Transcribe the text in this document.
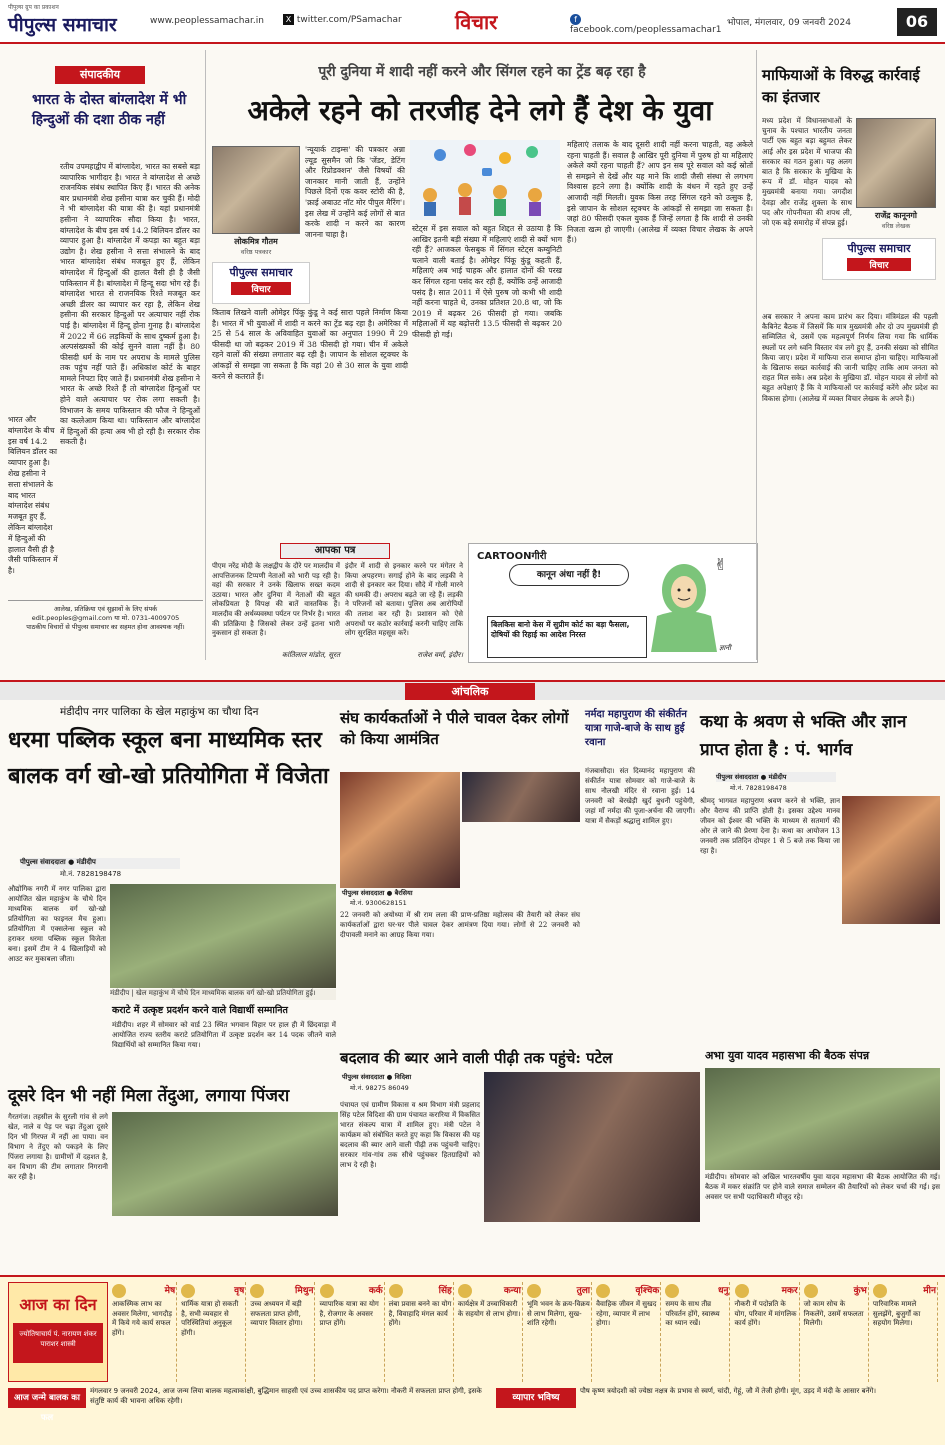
पीपुल्स ग्रुप का प्रकाशन
पीपुल्स समाचार	www.peoplessamachar.in	X twitter.com/PSamachar	विचार	f facebook.com/peoplessamachar1
भोपाल, मंगलवार, 09 जनवरी 2024	06
संपादकीय
भारत के दोस्त बांग्लादेश में भी हिन्दुओं की दशा ठीक नहीं
रतीय उपमहाद्वीप में बांग्लादेश, भारत का सबसे बड़ा व्यापारिक भागीदार है। भारत ने बांग्लादेश से अच्छे राजनयिक संबंध स्थापित किए हैं। भारत की अनेक बार प्रधानमंत्री शेख हसीना यात्रा कर चुकी हैं। मोदी ने भी बांग्लादेश की यात्रा की है। यहां प्रधानमंत्री हसीना ने व्यापारिक सौदा किया है। भारत, बांग्लादेश के बीच इस वर्ष 14.2 बिलियन डॉलर का व्यापार हुआ है। बांग्लादेश में कपड़ा का बहुत बड़ा उद्योग है। शेख हसीना ने सत्ता संभालने के बाद भारत बांग्लादेश संबंध मजबूत हुए हैं, लेकिन बांग्लादेश में हिन्दुओं की हालत वैसी ही है जैसी पाकिस्तान में है। बांग्लादेश में हिन्दू सदा भोग रहे हैं। बांग्लादेश भारत से राजनयिक रिश्ते मजबूत कर अच्छी डीलर का व्यापार कर रहा है, लेकिन शेख हसीना की सरकार हिन्दुओं पर अत्याचार नहीं रोक पाई है। बांग्लादेश में हिन्दू होना गुनाह है। बांग्लादेश में 2022 में 66 लड़कियों के साथ दुष्कर्म हुआ है। अल्पसंख्यकों की कोई सुनने वाला नहीं है। 80 फीसदी धर्म के नाम पर अपराध के मामले पुलिस तक पहुंच नहीं पाते हैं। अधिकांश कोर्ट के बाहर मामले निपटा दिए जाते हैं। प्रधानमंत्री शेख हसीना ने भारत के अच्छे रिश्ते हैं तो बांग्लादेश हिन्दुओं पर होने वाले अत्याचार पर रोक लगा सकती है। विभाजन के समय पाकिस्तान की फौज ने हिन्दुओं का कत्लेआम किया था। पाकिस्तान और बांग्लादेश में हिन्दुओं की हत्या अब भी हो रही है। सरकार रोक सकती है।
भारत और बांग्लादेश के बीच इस वर्ष 14.2 बिलियन डॉलर का व्यापार हुआ है। शेख हसीना ने सत्ता संभालने के बाद भारत बांग्लादेश संबंध मजबूत हुए हैं, लेकिन बांग्लादेश में हिन्दुओं की हालात वैसी ही है जैसी पाकिस्तान में है।
आलेख, प्रतिक्रिया एवं सुझावों के लिए संपर्क
edit.peoples@gmail.com या मो. 0731-4009705
पाठकीय विचारों से पीपुल्स समाचार का सहमत होना आवश्यक नहीं।
पूरी दुनिया में शादी नहीं करने और सिंगल रहने का ट्रेंड बढ़ रहा है
अकेले रहने को तरजीह देने लगे हैं देश के युवा
लोकमित्र गौतम
वरिष्ठ पत्रकार
पीपुल्स समाचार
विचार
'न्यूयार्क टाइम्स' की पत्रकार अन्ना ल्यूड सुसमैन जो कि 'जेंडर, डेटिंग और रिप्रोडक्शन' जैसे विषयों की जानकार मानी जाती हैं, उन्होंने पिछले दिनों एक कवर स्टोरी की है, 'क्राई अबाउट नॉट मोर पीपुल मैरिंग'। इस लेख में उन्होंने कई लोगों से बात करके शादी न करने का कारण जानना चाहा है।
किताब लिखने वाली ओमेइर पिंकू कुंडू ने कई सारा पहले निर्माण किया है। भारत में भी युवाओं में शादी न करने का ट्रेंड बढ़ रहा है। अमेरिका में 25 से 54 साल के अविवाहित युवाओं का अनुपात 1990 में 29 फीसदी था जो बढ़कर 2019 में 38 फीसदी हो गया। चीन में अकेले रहने वालों की संख्या लगातार बढ़ रही है। जापान के सोशल स्ट्रक्चर के आंकड़ों से समझा जा सकता है कि वहां 20 से 30 साल के युवा शादी करने से कतराते हैं।
स्टेट्स में इस सवाल को बहुत शिद्दत से उठाया है कि आखिर इतनी बड़ी संख्या में महिलाएं शादी से क्यों भाग रही हैं? आजकल फेसबुक में सिंगल स्टेट्स कम्युनिटी चलाने वाली बताई है। ओमेइर पिंकू कुंडू कहती हैं, महिलाएं अब भाई चाहक और हालात दोनों की परख कर सिंगल रहना पसंद कर रही हैं, क्योंकि उन्हें आजादी पसंद है। सात 2011 में ऐसे पुरुष जो कभी भी शादी नहीं करना चाहते थे, उनका प्रतिशत 20.8 था, जो कि 2019 में बढ़कर 26 फीसदी हो गया। जबकि महिलाओं में यह बढ़ोत्तरी 13.5 फीसदी से बढ़कर 20 फीसदी हो गई।
महिलाएं तलाक के बाद दूसरी शादी नहीं करना चाहती, वह अकेले रहना चाहती हैं। सवाल है आखिर पूरी दुनिया में पुरुष हो या महिलाएं अकेले क्यों रहना चाहती हैं? आप इन सब पूरे सवाल को कई स्रोतों से समझने से देखें और यह माने कि शादी जैसी संस्था से लगभग विश्वास हटने लगा है। क्योंकि शादी के बंधन में रहते हुए उन्हें आजादी नहीं मिलती। युवक किस तरह सिंगल रहने को उत्सुक है, इसे जापान के सोशल स्ट्रक्चर के आंकड़ों से समझा जा सकता है। जहां 80 फीसदी एकल युवक हैं जिन्हें लगता है कि शादी से उनकी निजता खत्म हो जाएगी। (आलेख में व्यक्त विचार लेखक के अपने हैं।)
आपका पत्र
पीएम नरेंद्र मोदी के लक्षद्वीप के दौरे पर मालदीव में आपत्तिजनक टिप्पणी नेताओं को भारी पड़ रही है। वहां की सरकार ने उनके खिलाफ सख्त कदम उठाया। भारत और दुनिया में नेताओं की बहुत लोकप्रियता है विपक्ष की बातें वास्तविक हैं। मालदीव की अर्थव्यवस्था पर्यटन पर निर्भर है। भारत की प्रतिक्रिया है जिसको लेकर उन्हें इतना भारी नुकसान हो सकता है।
कांतिलाल मांडोत, सूरत
इंदौर में शादी से इनकार करने पर मंगेतर ने किया अपहरण। सगाई होने के बाद लड़की ने शादी से इनकार कर दिया। सौदे में गोली मारने की धमकी दी। अपराध बढ़ते जा रहे हैं। लड़की ने परिजनों को बताया। पुलिस अब आरोपियों की तलाश कर रही है। प्रशासन को ऐसे अपराधों पर कठोर कार्रवाई करनी चाहिए ताकि लोग सुरक्षित महसूस करें।
राजेश वर्मा, इंदौर।
CARTOONगीरी
कानून अंधा नहीं है!
✌
बिलकिस बानो केस में सुप्रीम कोर्ट का बड़ा फैसला, दोषियों की रिहाई का आदेश निरस्त
ज्ञानी
माफियाओं के विरुद्ध कार्रवाई का इंतजार
मध्य प्रदेश में विधानसभाओं के चुनाव के पश्चात भारतीय जनता पार्टी एक बहुत बड़ा बहुमत लेकर आई और इस प्रदेश में भाजपा की सरकार का गठन हुआ। यह अलग बात है कि सरकार के मुखिया के रूप में डॉ. मोहन यादव को मुख्यमंत्री बनाया गया। जगदीश देवड़ा और राजेंद्र शुक्ला के साथ पद और गोपनीयता की शपथ ली, जो एक बड़े समारोह में संपन्न हुई।
राजेंद्र कानूनगो
वरिष्ठ लेखक
पीपुल्स समाचार
विचार
अब सरकार ने अपना काम प्रारंभ कर दिया। मंत्रिमंडल की पहली कैबिनेट बैठक में जिसमें कि मात्र मुख्यमंत्री और दो उप मुख्यमंत्री ही सम्मिलित थे, उसमें एक महत्वपूर्ण निर्णय लिया गया कि धार्मिक स्थलों पर लगे ध्वनि विस्तार यंत्र लगे हुए हैं, उनकी संख्या को सीमित किया जाए। प्रदेश में माफिया राज समाप्त होना चाहिए। माफियाओं के खिलाफ सख्त कार्रवाई की जानी चाहिए ताकि आम जनता को राहत मिल सके। अब प्रदेश के मुखिया डॉ. मोहन यादव से लोगों को बहुत अपेक्षाएं हैं कि वे माफियाओं पर कार्रवाई करेंगे और प्रदेश का विकास होगा। (आलेख में व्यक्त विचार लेखक के अपने हैं।)
आंचलिक
मंडीदीप नगर पालिका के खेल महाकुंभ का चौथा दिन
धरमा पब्लिक स्कूल बना माध्यमिक स्तर बालक वर्ग खो-खो प्रतियोगिता में विजेता
पीपुल्स संवाददाता ● मंडीदीप
मो.नं. 7828198478
औद्योगिक नगरी में नगर पालिका द्वारा आयोजित खेल महाकुंभ के चौथे दिन माध्यमिक बालक वर्ग खो-खो प्रतियोगिता का फाइनल मैच हुआ। प्रतियोगिता में एक्सलेन्स स्कूल को हराकर धरमा पब्लिक स्कूल विजेता बना। इसमें टीम ने 4 खिलाड़ियों को आउट कर मुकाबला जीता।
मंडीदीप | खेल महाकुंभ में चौथे दिन माध्यमिक बालक वर्ग खो-खो प्रतियोगिता हुई।
कराटे में उत्कृष्ट प्रदर्शन करने वाले विद्यार्थी सम्मानित
मंडीदीप। शहर में सोमवार को वार्ड 23 स्थित भगवान विहार पर हाल ही में छिंदवाड़ा में आयोजित राज्य स्तरीय कराटे प्रतियोगिता में उत्कृष्ट प्रदर्शन कर 14 पदक जीतने वाले विद्यार्थियों को सम्मानित किया गया।
संघ कार्यकर्ताओं ने पीले चावल देकर लोगों को किया आमंत्रित
पीपुल्स संवाददाता ● बैरसिया
मो.नं. 9300628151
22 जनवरी को अयोध्या में श्री राम लला की प्राण-प्रतिष्ठा महोत्सव की तैयारी को लेकर संघ कार्यकर्ताओं द्वारा घर-घर पीले चावल देकर आमंत्रण दिया गया। लोगों से 22 जनवरी को दीपावली मनाने का आग्रह किया गया।
नर्मदा महापुराण की संकीर्तन यात्रा गाजे-बाजे के साथ हुई रवाना
गंजबासौदा। संत दिव्यानंद महापुराण की संकीर्तन यात्रा सोमवार को गाजे-बाजे के साथ नौलखी मंदिर से रवाना हुई। 14 जनवरी को बेरखेड़ी खुर्द बुधनी पहुंचेगी, जहां माँ नर्मदा की पूजा-अर्चना की जाएगी। यात्रा में सैकड़ों श्रद्धालु शामिल हुए।
कथा के श्रवण से भक्ति और ज्ञान प्राप्त होता है : पं. भार्गव
पीपुल्स संवाददाता ● मंडीदीप
मो.नं. 7828198478
श्रीमद् भागवत महापुराण श्रवण करने से भक्ति, ज्ञान और वैराग्य की प्राप्ति होती है। इसका उद्देश्य मानव जीवन को ईश्वर की भक्ति के माध्यम से सतमार्ग की ओर ले जाने की प्रेरणा देना है। कथा का आयोजन 13 जनवरी तक प्रतिदिन दोपहर 1 से 5 बजे तक किया जा रहा है।
बदलाव की ब्यार आने वाली पीढ़ी तक पहुंचे: पटेल
पीपुल्स संवाददाता ● विदिशा
मो.नं. 98275 86049
पंचायत एवं ग्रामीण विकास व श्रम विभाग मंत्री प्रहलाद सिंह पटेल विदिशा की ग्राम पंचायत करारिया में विकसित भारत संकल्प यात्रा में शामिल हुए। मंत्री पटेल ने कार्यक्रम को संबोधित करते हुए कहा कि विकास की यह बदलाव की ब्यार आने वाली पीढ़ी तक पहुंचनी चाहिए। सरकार गांव-गांव तक सीधे पहुंचकर हितग्राहियों को लाभ दे रही है।
अभा युवा यादव महासभा की बैठक संपन्न
मंडीदीप। सोमवार को अखिल भारतवर्षीय युवा यादव महासभा की बैठक आयोजित की गई। बैठक में मकर संक्रांति पर होने वाले समाज सम्मेलन की तैयारियों को लेकर चर्चा की गई। इस अवसर पर सभी पदाधिकारी मौजूद रहे।
दूसरे दिन भी नहीं मिला तेंदुआ, लगाया पिंजरा
गैरतगंज। तहसील के सुरली गांव से लगे खेत, नाले व पेड़ पर चढ़ा तेंदुआ दूसरे दिन भी गिरफ्त में नहीं आ पाया। वन विभाग ने तेंदुए को पकड़ने के लिए पिंजरा लगाया है। ग्रामीणों में दहशत है, वन विभाग की टीम लगातार निगरानी कर रही है।
आज का दिन
ज्योतिषाचार्य पं. नारायण शंकर पाराशर शास्त्री
मेष
आकस्मिक लाभ का अवसर मिलेगा, भागदौड़ में किये गये कार्य सफल होंगे।
वृष
धार्मिक यात्रा हो सकती है, सभी व्यवहार से परिस्थितियां अनुकूल होंगी।
मिथुन
उच्च अध्ययन में बड़ी सफलता प्राप्त होगी, व्यापार विस्तार होगा।
कर्क
व्यापारिक यात्रा का योग है, रोजगार के अवसर प्राप्त होंगे।
सिंह
लंबा प्रवास बनने का योग है, विवाहादि मंगल कार्य होंगे।
कन्या
कार्यक्षेत्र में उच्चाधिकारी के सहयोग से लाभ होगा।
तुला
भूमि भवन के क्रय-विक्रय से लाभ मिलेगा, सुख-शांति रहेगी।
वृश्चिक
वैवाहिक जीवन में सुखद रहेगा, व्यापार में लाभ होगा।
धनु
समय के साथ तीव्र परिवर्तन होंगे, स्वास्थ्य का ध्यान रखें।
मकर
नौकरी में पदोन्नति के योग, परिवार में मांगलिक कार्य होंगे।
कुंभ
जो काम सोच के निकलेंगे, उसमें सफलता मिलेगी।
मीन
पारिवारिक मामले सुलझेंगे, बुजुर्गों का सहयोग मिलेगा।
आज जन्मे बालक का फल
मंगलवार 9 जनवरी 2024, आज जन्म लिया बालक महत्वाकांक्षी, बुद्धिमान साहसी एवं उच्च शासकीय पद प्राप्त करेगा। नौकरी में सफलता प्राप्त होगी, इसके संतुष्टि कार्य की भावना अधिक रहेगी।	व्यापार भविष्य
पौष कृष्ण त्रयोदशी को ज्येष्ठा नक्षत्र के प्रभाव से स्वर्ण, चांदी, गेहूं, जौ में तेजी होगी। मूंग, उड़द में मंदी के आसार बनेंगे।
